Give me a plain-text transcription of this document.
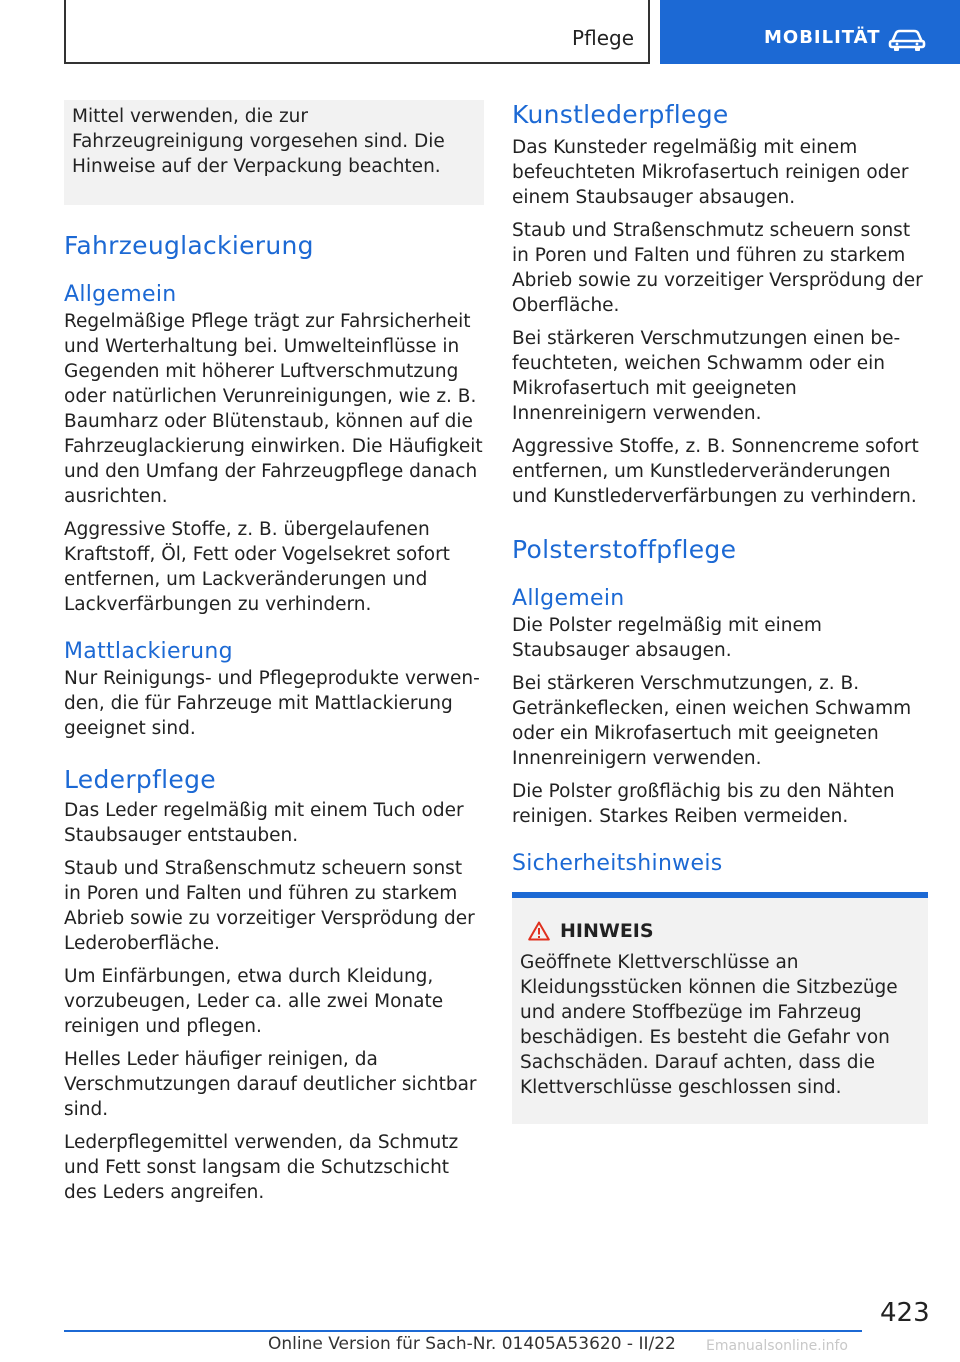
Pflege	MOBILITÄT

Mittel verwenden, die zur Fahrzeugreinigung vorgesehen sind. Die Hinweise auf der Verpackung beachten.

Fahrzeuglackierung
Allgemein

Regelmäßige Pflege trägt zur Fahrsicherheit und Werterhaltung bei. Umwelteinflüsse in Gegenden mit höherer Luftverschmutzung oder natürlichen Verunreinigungen, wie z. B. Baumharz oder Blütenstaub, können auf die Fahrzeuglackierung einwirken. Die Häufigkeit und den Umfang der Fahrzeugpflege danach ausrichten.

Aggressive Stoffe, z. B. übergelaufenen Kraftstoff, Öl, Fett oder Vogelsekret sofort entfernen, um Lackveränderungen und Lackverfärbungen zu verhindern.

Mattlackierung

Nur Reinigungs- und Pflegeprodukte verwenden, die für Fahrzeuge mit Mattlackierung geeignet sind.

Lederpflege

Das Leder regelmäßig mit einem Tuch oder Staubsauger entstauben.

Staub und Straßenschmutz scheuern sonst in Poren und Falten und führen zu starkem Abrieb sowie zu vorzeitiger Versprödung der Lederoberfläche.

Um Einfärbungen, etwa durch Kleidung, vorzubeugen, Leder ca. alle zwei Monate reinigen und pflegen.

Helles Leder häufiger reinigen, da Verschmutzungen darauf deutlicher sichtbar sind.

Lederpflegemittel verwenden, da Schmutz und Fett sonst langsam die Schutzschicht des Leders angreifen.

Kunstlederpflege

Das Kunsteder regelmäßig mit einem befeuchteten Mikrofasertuch reinigen oder einem Staubsauger absaugen.

Staub und Straßenschmutz scheuern sonst in Poren und Falten und führen zu starkem Abrieb sowie zu vorzeitiger Versprödung der Oberfläche.

Bei stärkeren Verschmutzungen einen befeuchteten, weichen Schwamm oder ein Mikrofasertuch mit geeigneten Innenreinigern verwenden.

Aggressive Stoffe, z. B. Sonnencreme sofort entfernen, um Kunstlederveränderungen und Kunstlederverfärbungen zu verhindern.

Polsterstoffpflege
Allgemein

Die Polster regelmäßig mit einem Staubsauger absaugen.

Bei stärkeren Verschmutzungen, z. B. Getränkeflecken, einen weichen Schwamm oder ein Mikrofasertuch mit geeigneten Innenreinigern verwenden.

Die Polster großflächig bis zu den Nähten reinigen. Starkes Reiben vermeiden.

Sicherheitshinweis
HINWEIS

Geöffnete Klettverschlüsse an Kleidungsstücken können die Sitzbezüge und andere Stoffbezüge im Fahrzeug beschädigen. Es besteht die Gefahr von Sachschäden. Darauf achten, dass die Klettverschlüsse geschlossen sind.

423
Online Version für Sach-Nr. 01405A53620 - II/22 Emanualsonline.info
